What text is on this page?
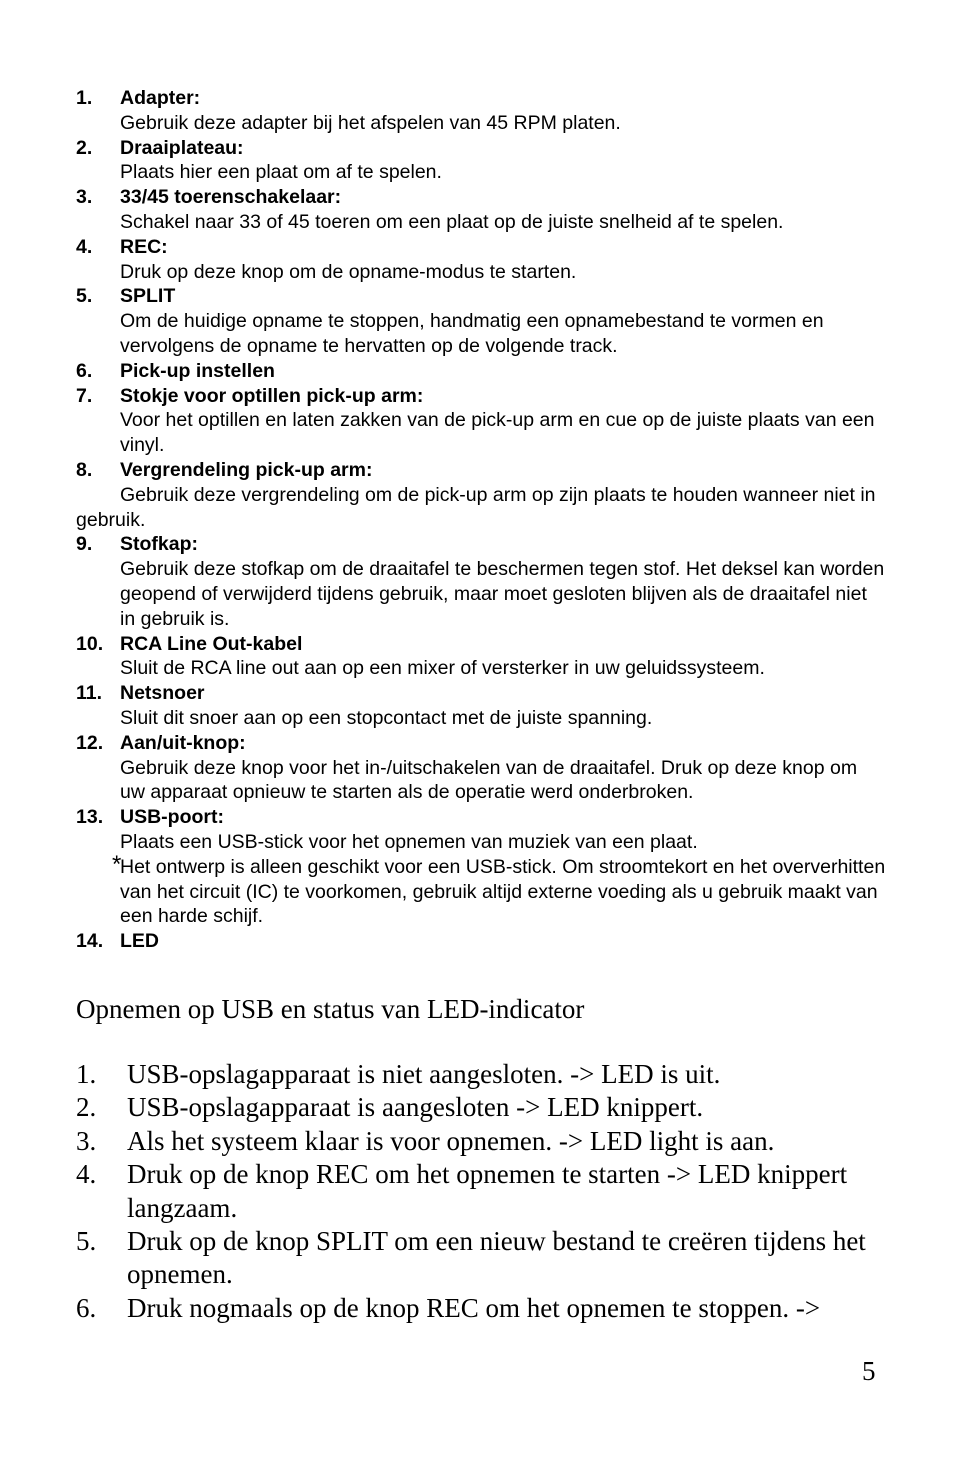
1.	Adapter:
Gebruik deze adapter bij het afspelen van 45 RPM platen.
2.	Draaiplateau:
Plaats hier een plaat om af te spelen.
3.	33/45 toerenschakelaar:
Schakel naar 33 of 45 toeren om een plaat op de juiste snelheid af te spelen.
4.	REC:
Druk op deze knop om de opname-modus te starten.
5.	SPLIT
Om de huidige opname te stoppen, handmatig een opnamebestand te vormen en vervolgens de opname te hervatten op de volgende track.
6.	Pick-up instellen
7.	Stokje voor optillen pick-up arm:
Voor het optillen en laten zakken van de pick-up arm en cue op de juiste plaats van een vinyl.
8.	Vergrendeling pick-up arm:
Gebruik deze vergrendeling om de pick-up arm op zijn plaats te houden wanneer niet in gebruik.
9.	Stofkap:
Gebruik deze stofkap om de draaitafel te beschermen tegen stof. Het deksel kan worden geopend of verwijderd tijdens gebruik, maar moet gesloten blijven als de draaitafel niet in gebruik is.
10. RCA Line Out-kabel
Sluit de RCA line out aan op een mixer of versterker in uw geluidssysteem.
11. Netsnoer
Sluit dit snoer aan op een stopcontact met de juiste spanning.
12. Aan/uit-knop:
Gebruik deze knop voor het in-/uitschakelen van de draaitafel. Druk op deze knop om uw apparaat opnieuw te starten als de operatie werd onderbroken.
13. USB-poort:
Plaats een USB-stick voor het opnemen van muziek van een plaat.
*
Het ontwerp is alleen geschikt voor een USB-stick. Om stroomtekort en het oververhitten van het circuit (IC) te voorkomen, gebruik altijd externe voeding als u gebruik maakt van een harde schijf.
14. LED
Opnemen op USB en status van LED-indicator
1.	USB-opslagapparaat is niet aangesloten. -> LED is uit.
2.	USB-opslagapparaat is aangesloten -> LED knippert.
3.	Als het systeem klaar is voor opnemen. -> LED light is aan.
4.	Druk op de knop REC om het opnemen te starten -> LED knippert langzaam.
5.	Druk op de knop SPLIT om een nieuw bestand te creëren tijdens het opnemen.
6.	Druk nogmaals op de knop REC om het opnemen te stoppen. ->
5
